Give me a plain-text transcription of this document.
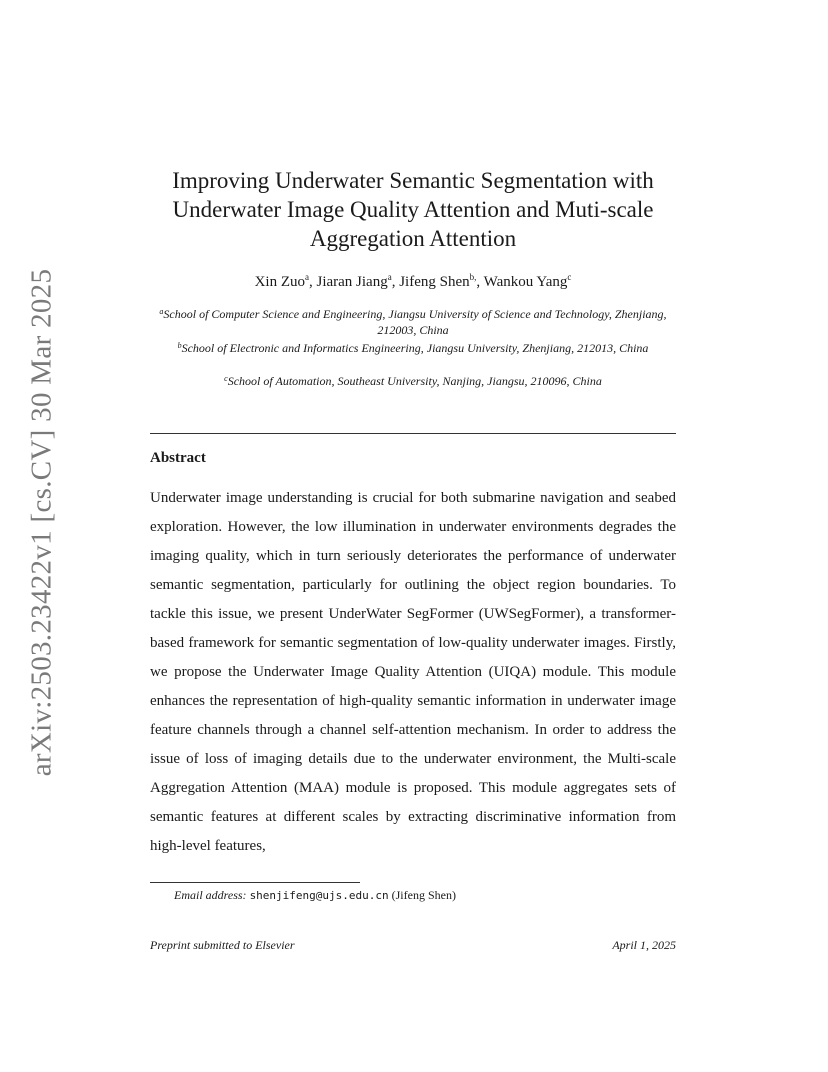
arXiv:2503.23422v1 [cs.CV] 30 Mar 2025
Improving Underwater Semantic Segmentation with Underwater Image Quality Attention and Muti-scale Aggregation Attention
Xin Zuo$^a$, Jiaran Jiang$^a$, Jifeng Shen$^{b,}$, Wankou Yang$^c$
$^a$School of Computer Science and Engineering, Jiangsu University of Science and Technology, Zhenjiang, 212003, China
$^b$School of Electronic and Informatics Engineering, Jiangsu University, Zhenjiang, 212013, China
$^c$School of Automation, Southeast University, Nanjing, Jiangsu, 210096, China
Abstract
Underwater image understanding is crucial for both submarine navigation and seabed exploration. However, the low illumination in underwater environments degrades the imaging quality, which in turn seriously deteriorates the performance of underwater semantic segmentation, particularly for outlining the object region boundaries. To tackle this issue, we present UnderWater SegFormer (UWSegFormer), a transformer-based framework for semantic segmentation of low-quality underwater images. Firstly, we propose the Underwater Image Quality Attention (UIQA) module. This module enhances the representation of high-quality semantic information in underwater image feature channels through a channel self-attention mechanism. In order to address the issue of loss of imaging details due to the underwater environment, the Multi-scale Aggregation Attention (MAA) module is proposed. This module aggregates sets of semantic features at different scales by extracting discriminative information from high-level features,
Email address: shenjifeng@ujs.edu.cn (Jifeng Shen)
Preprint submitted to Elsevier	April 1, 2025
